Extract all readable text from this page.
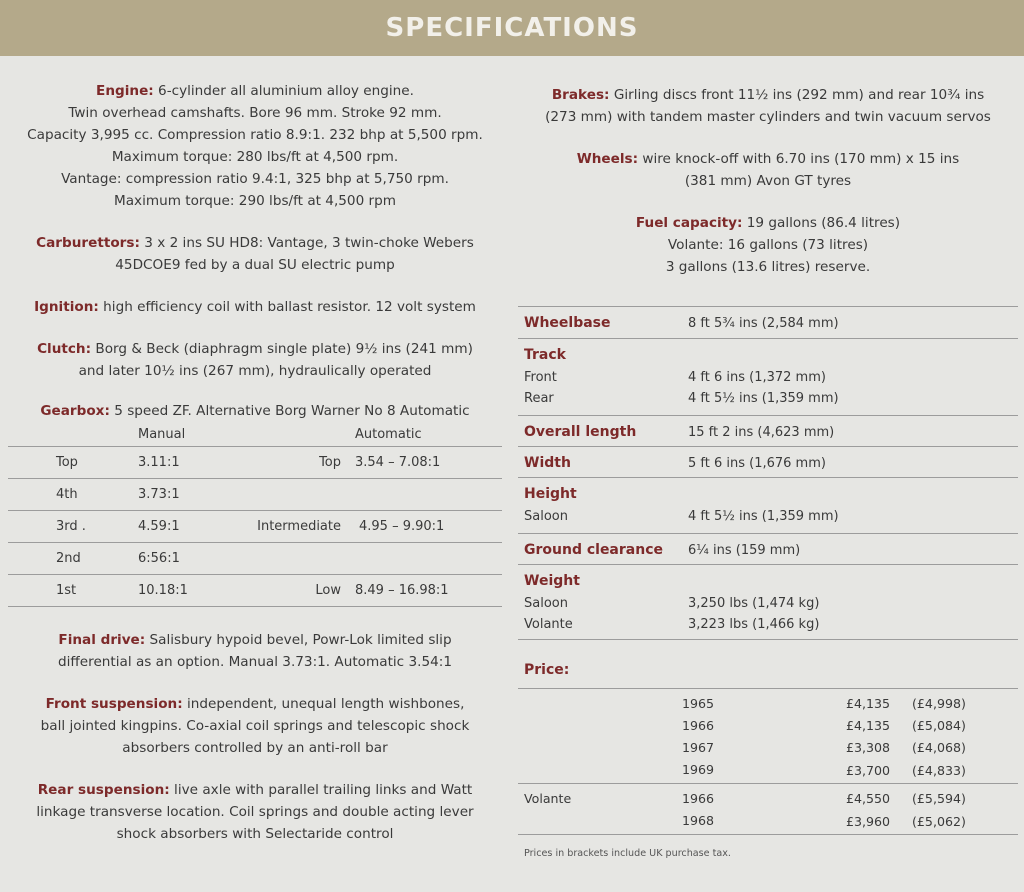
SPECIFICATIONS
Engine: 6-cylinder all aluminium alloy engine.
Twin overhead camshafts. Bore 96 mm. Stroke 92 mm.
Capacity 3,995 cc. Compression ratio 8.9:1. 232 bhp at 5,500 rpm.
Maximum torque: 280 lbs/ft at 4,500 rpm.
Vantage: compression ratio 9.4:1, 325 bhp at 5,750 rpm.
Maximum torque: 290 lbs/ft at 4,500 rpm
Carburettors: 3 x 2 ins SU HD8: Vantage, 3 twin-choke Webers
45DCOE9 fed by a dual SU electric pump
Ignition: high efficiency coil with ballast resistor. 12 volt system
Clutch: Borg & Beck (diaphragm single plate) 9½ ins (241 mm)
and later 10½ ins (267 mm), hydraulically operated
Gearbox: 5 speed ZF. Alternative Borg Warner No 8 Automatic
	Manual		Automatic
Top	3.11:1	Top	3.54 – 7.08:1
4th	3.73:1		
3rd .	4.59:1	Intermediate	4.95 – 9.90:1
2nd	6:56:1		
1st	10.18:1	Low	8.49 – 16.98:1
Final drive: Salisbury hypoid bevel, Powr-Lok limited slip
differential as an option. Manual 3.73:1. Automatic 3.54:1
Front suspension: independent, unequal length wishbones,
ball jointed kingpins. Co-axial coil springs and telescopic shock
absorbers controlled by an anti-roll bar
Rear suspension: live axle with parallel trailing links and Watt
linkage transverse location. Coil springs and double acting lever
shock absorbers with Selectaride control
Brakes: Girling discs front 11½ ins (292 mm) and rear 10¾ ins
(273 mm) with tandem master cylinders and twin vacuum servos
Wheels: wire knock-off with 6.70 ins (170 mm) x 15 ins
(381 mm) Avon GT tyres
Fuel capacity: 19 gallons (86.4 litres)
Volante: 16 gallons (73 litres)
3 gallons (13.6 litres) reserve.
Wheelbase	8 ft 5¾ ins (2,584 mm)
Track	
Front	4 ft 6 ins (1,372 mm)
Rear	4 ft 5½ ins (1,359 mm)
Overall length	15 ft 2 ins (4,623 mm)
Width	5 ft 6 ins (1,676 mm)
Height	
Saloon	4 ft 5½ ins (1,359 mm)
Ground clearance	6¼ ins (159 mm)
Weight	
Saloon	3,250 lbs (1,474 kg)
Volante	3,223 lbs (1,466 kg)

Price:	
	1965	£4,135	(£4,998)
	1966	£4,135	(£5,084)
	1967	£3,308	(£4,068)
	1969	£3,700	(£4,833)
Volante	1966	£4,550	(£5,594)
	1968	£3,960	(£5,062)
Prices in brackets include UK purchase tax.
